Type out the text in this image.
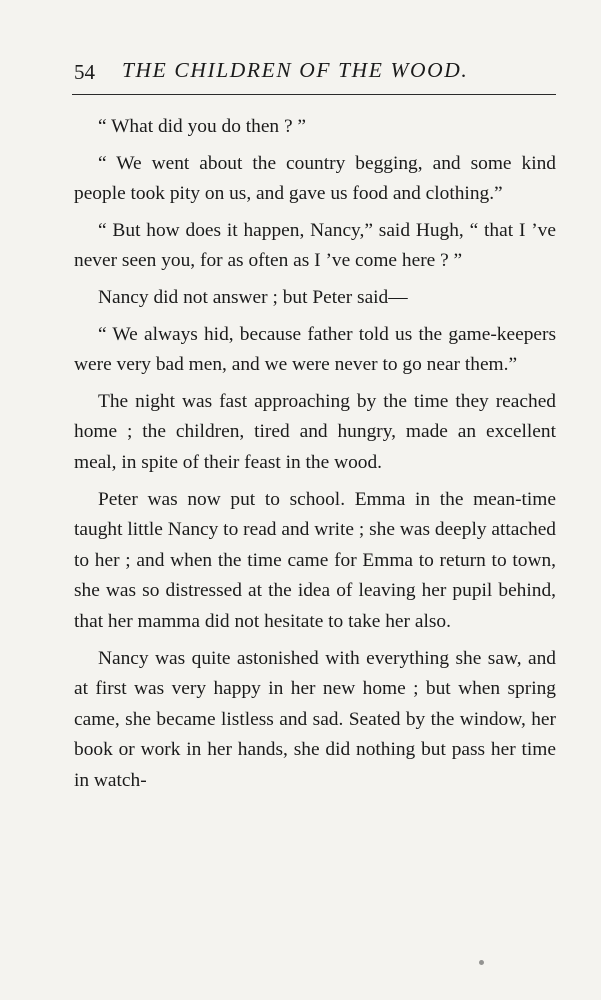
54 THE CHILDREN OF THE WOOD.

“ What did you do then ? ”

“ We went about the country begging, and some kind people took pity on us, and gave us food and clothing.”

“ But how does it happen, Nancy,” said Hugh, “ that I ’ve never seen you, for as often as I ’ve come here ? ”

Nancy did not answer ; but Peter said—

“ We always hid, because father told us the game-keepers were very bad men, and we were never to go near them.”

The night was fast approaching by the time they reached home ; the children, tired and hungry, made an excellent meal, in spite of their feast in the wood.

Peter was now put to school. Emma in the mean-time taught little Nancy to read and write ; she was deeply attached to her ; and when the time came for Emma to return to town, she was so distressed at the idea of leaving her pupil behind, that her mamma did not hesitate to take her also.

Nancy was quite astonished with everything she saw, and at first was very happy in her new home ; but when spring came, she became listless and sad. Seated by the window, her book or work in her hands, she did nothing but pass her time in watch-
